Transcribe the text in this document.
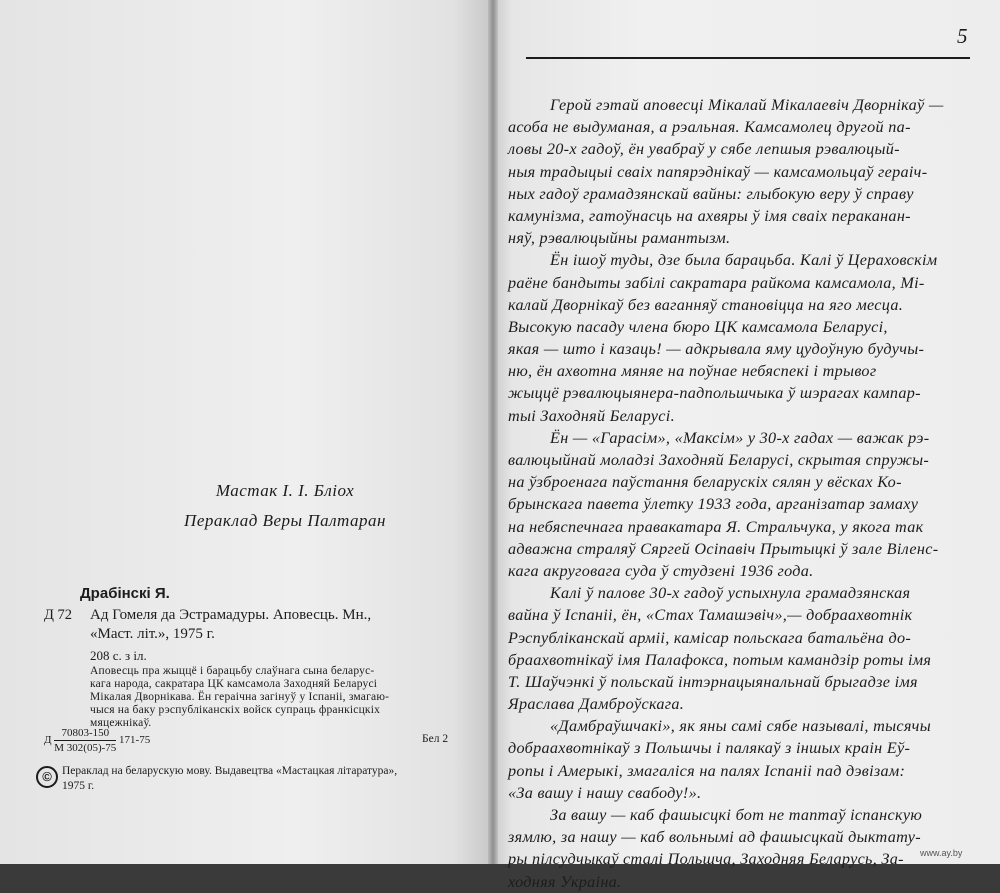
Мастак І. І. Бліох
Пераклад Веры Палтаран
Драбінскі Я.
Д 72 Ад Гомеля да Эстрамадуры. Аповесць. Мн.,
«Маст. літ.», 1975 г.
208 с. з іл.
Аповесць пра жыццё і барацьбу слаўнага сына беларус-
кага народа, сакратара ЦК камсамола Заходняй Беларусі
Мікалая Дворнікава. Ён гераічна загінуў у Іспаніі, змагаю-
чыся на баку рэспубліканскіх войск супраць франкісцкіх
мяцежнікаў.
Д $\frac{70803-150}{М 302(05)-75} 171-75$	Бел 2
© Пераклад на беларускую мову. Выдавецтва «Мастацкая літаратура»,
1975 г.
5
Герой гэтай аповесці Мікалай Мікалаевіч Дворнікаў —
асоба не выдуманая, а рэальная. Камсамолец другой па-
ловы 20-х гадоў, ён увабраў у сябе лепшыя рэвалюцый-
ныя традыцыі сваіх папярэднікаў — камсамольцаў гераіч-
ных гадоў грамадзянскай вайны: глыбокую веру ў справу
камунізма, гатоўнасць на ахвяры ў імя сваіх пераканан-
няў, рэвалюцыйны рамантызм.
Ён ішоў туды, дзе была барацьба. Калі ў Цераховскім
раёне бандыты забілі сакратара райкома камсамола, Мі-
калай Дворнікаў без ваганняў становіцца на яго месца.
Высокую пасаду члена бюро ЦК камсамола Беларусі,
якая — што і казаць! — адкрывала яму цудоўную будучы-
ню, ён ахвотна мяняе на поўнае небяспекі і трывог
жыццё рэвалюцыянера-падпольшчыка ў шэрагах кампар-
тыі Заходняй Беларусі.
Ён — «Гарасім», «Максім» у 30-х гадах — важак рэ-
валюцыйнай моладзі Заходняй Беларусі, скрытая спружы-
на ўзброенага паўстання беларускіх сялян у вёсках Ко-
брынскага павета ўлетку 1933 года, арганізатар замаху
на небяспечнага правакатара Я. Стральчука, у якога так
адважна страляў Сяргей Осіпавіч Прытыцкі ў зале Віленс-
кага акруговага суда ў студзені 1936 года.
Калі ў палове 30-х гадоў успыхнула грамадзянская
вайна ў Іспаніі, ён, «Стах Тамашэвіч»,— добраахвотнік
Рэспубліканскай арміі, камісар польскага батальёна до-
браахвотнікаў імя Палафокса, потым камандзір роты імя
Т. Шаўчэнкі ў польскай інтэрнацыянальнай брыгадзе імя
Яраслава Дамброўскага.
«Дамбраўшчакі», як яны самі сябе называлі, тысячы
добраахвотнікаў з Польшчы і палякаў з іншых краін Еў-
ропы і Амерыкі, змагаліся на палях Іспаніі пад дэвізам:
«За вашу і нашу свабоду!».
За вашу — каб фашысцкі бот не таптаў іспанскую
зямлю, за нашу — каб вольнымі ад фашысцкай дыктату-
ры пілсудчыкаў сталі Польшча, Заходняя Беларусь, За-
ходняя Украіна.
www.ay.by
